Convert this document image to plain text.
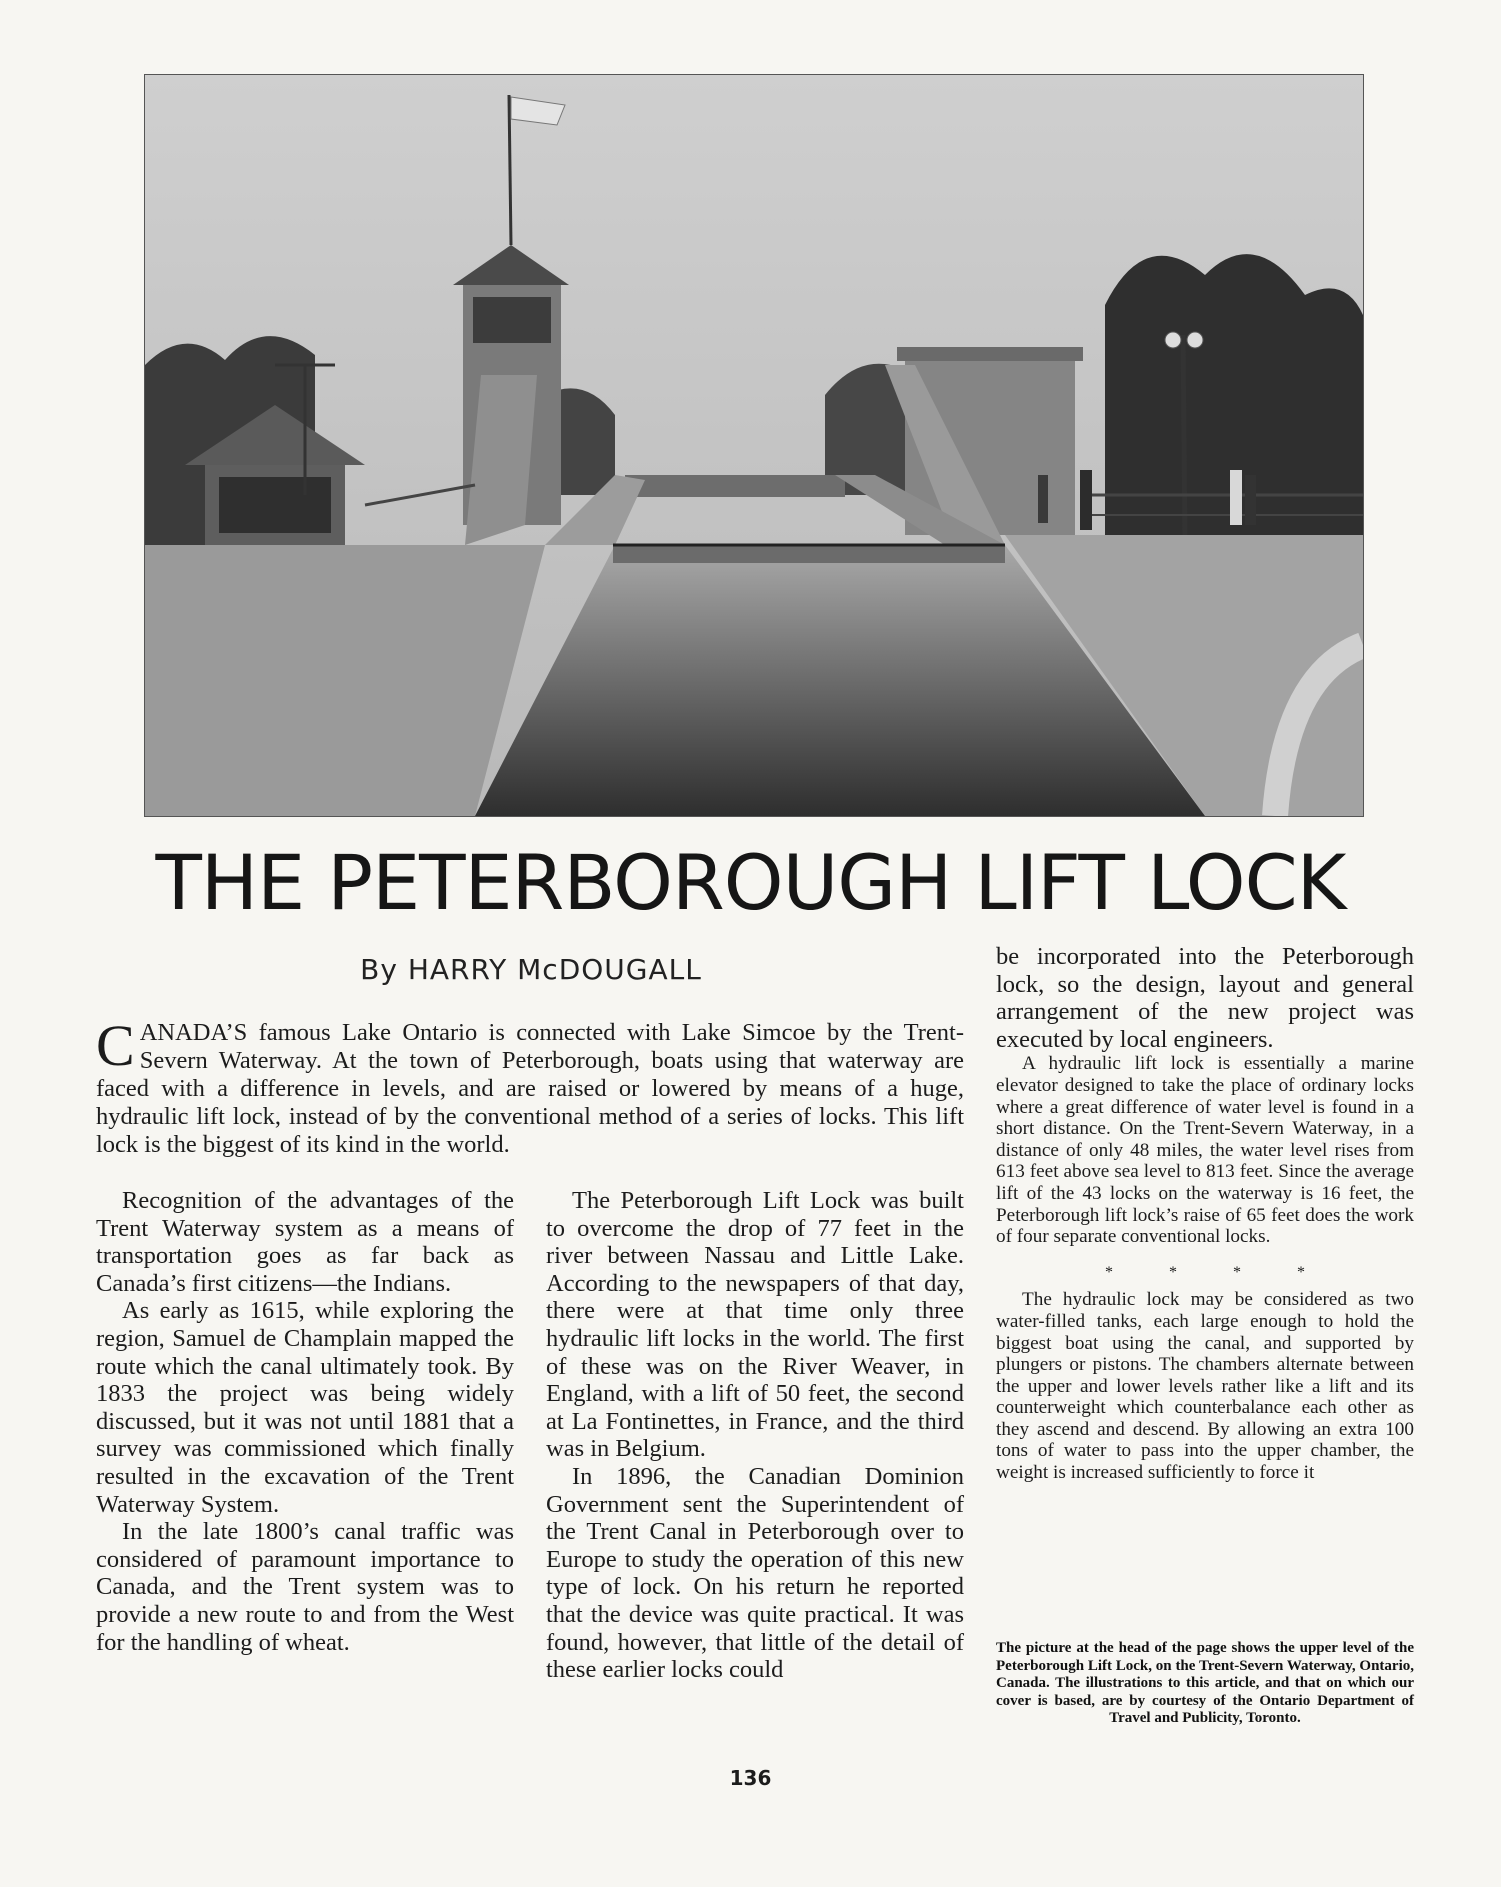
THE PETERBOROUGH LIFT LOCK
By HARRY McDOUGALL

CANADA’S famous Lake Ontario is connected with Lake Simcoe by the Trent-Severn Waterway. At the town of Peterborough, boats using that waterway are faced with a difference in levels, and are raised or lowered by means of a huge, hydraulic lift lock, instead of by the conventional method of a series of locks. This lift lock is the biggest of its kind in the world.

Recognition of the advantages of the Trent Waterway system as a means of transportation goes as far back as Canada’s first citizens—the Indians.

As early as 1615, while exploring the region, Samuel de Champlain mapped the route which the canal ultimately took. By 1833 the project was being widely discussed, but it was not until 1881 that a survey was commissioned which finally resulted in the excavation of the Trent Waterway System.

In the late 1800’s canal traffic was considered of paramount importance to Canada, and the Trent system was to provide a new route to and from the West for the handling of wheat.

The Peterborough Lift Lock was built to overcome the drop of 77 feet in the river between Nassau and Little Lake. According to the newspapers of that day, there were at that time only three hydraulic lift locks in the world. The first of these was on the River Weaver, in England, with a lift of 50 feet, the second at La Fontinettes, in France, and the third was in Belgium.

In 1896, the Canadian Dominion Government sent the Superintendent of the Trent Canal in Peterborough over to Europe to study the operation of this new type of lock. On his return he reported that the device was quite practical. It was found, however, that little of the detail of these earlier locks could

be incorporated into the Peterborough lock, so the design, layout and general arrangement of the new project was executed by local engineers.

A hydraulic lift lock is essentially a marine elevator designed to take the place of ordinary locks where a great difference of water level is found in a short distance. On the Trent-Severn Waterway, in a distance of only 48 miles, the water level rises from 613 feet above sea level to 813 feet. Since the average lift of the 43 locks on the waterway is 16 feet, the Peterborough lift lock’s raise of 65 feet does the work of four separate conventional locks.

* * * *

The hydraulic lock may be considered as two water-filled tanks, each large enough to hold the biggest boat using the canal, and supported by plungers or pistons. The chambers alternate between the upper and lower levels rather like a lift and its counterweight which counterbalance each other as they ascend and descend. By allowing an extra 100 tons of water to pass into the upper chamber, the weight is increased sufficiently to force it

The picture at the head of the page shows the upper level of the Peterborough Lift Lock, on the Trent-Severn Waterway, Ontario, Canada. The illustrations to this article, and that on which our cover is based, are by courtesy of the Ontario Department of Travel and Publicity, Toronto.
136
